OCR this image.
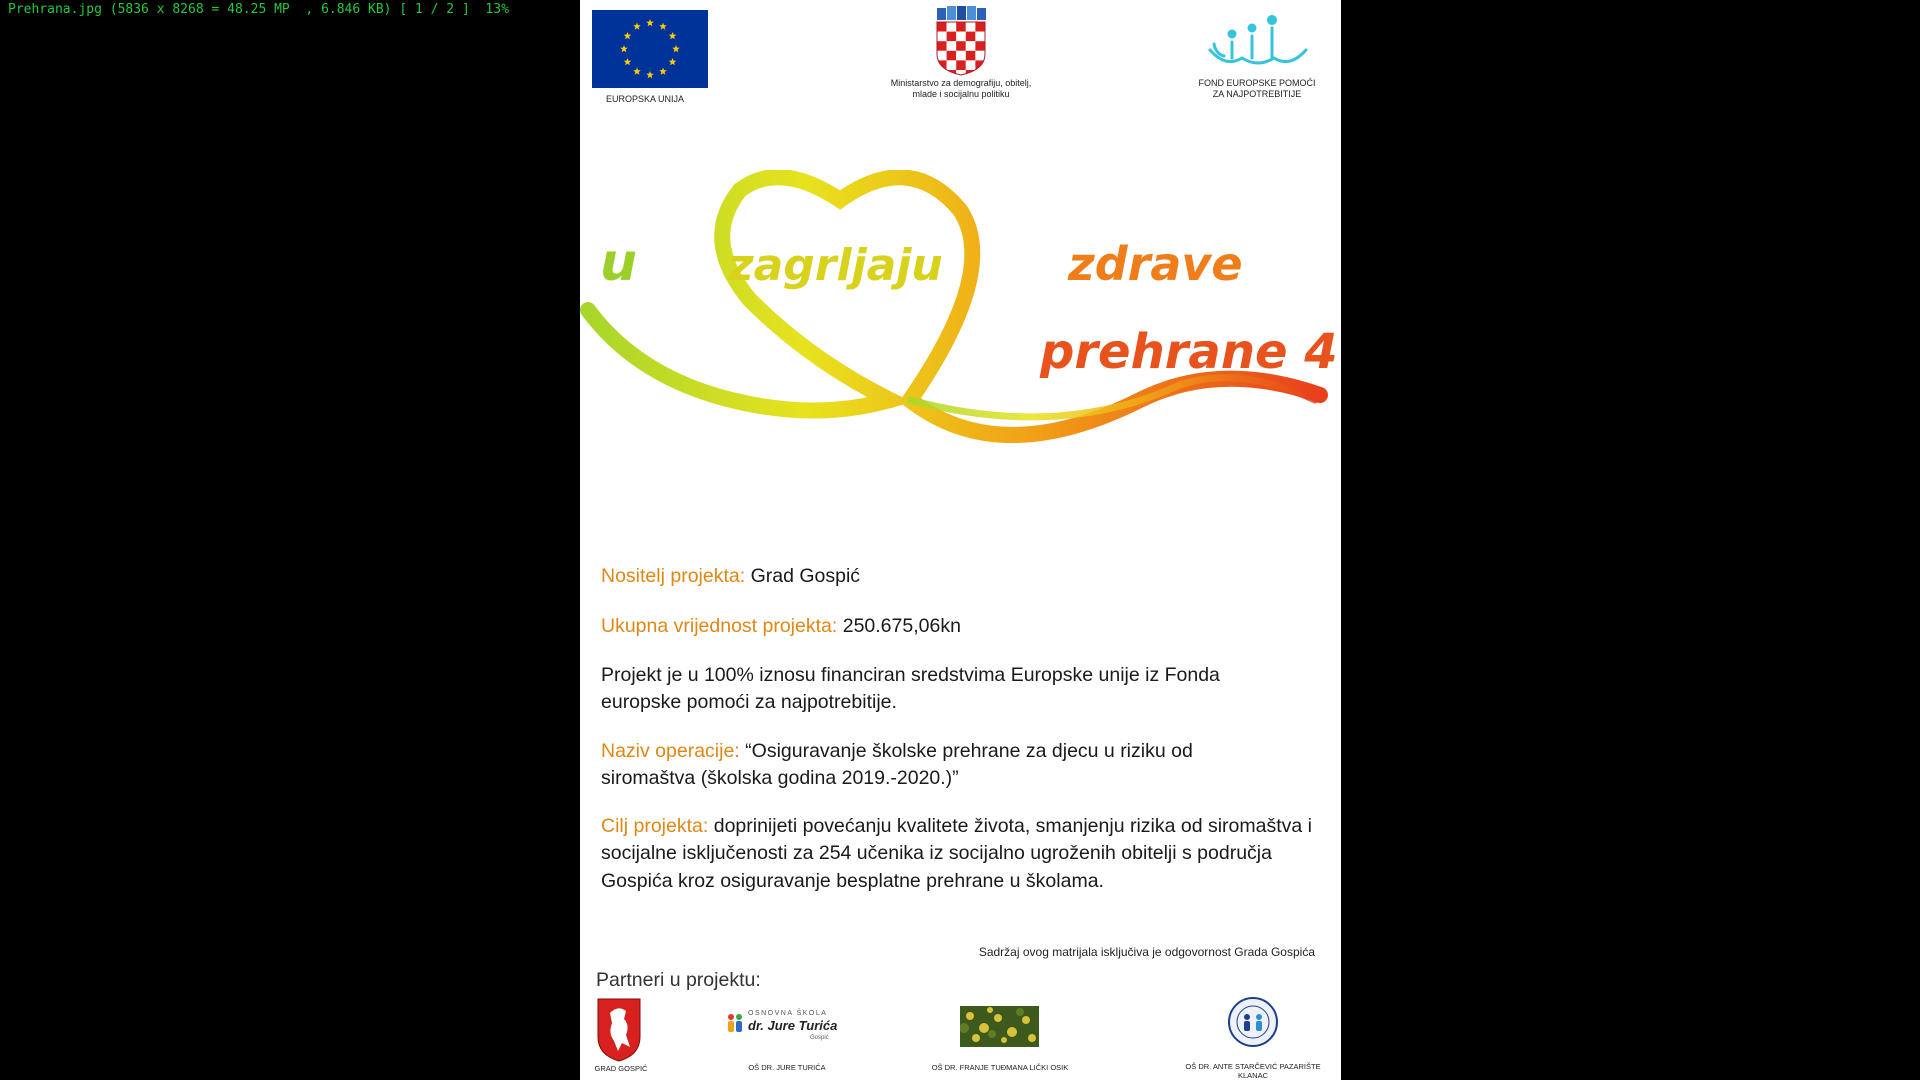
Prehrana.jpg (5836 x 8268 = 48.25 MP  , 6.846 KB) [ 1 / 2 ]  13%
EUROPSKA UNIJA
Ministarstvo za demografiju, obitelj,
mlade i socijalnu politiku
FOND EUROPSKE POMOĆI
ZA NAJPOTREBITIJE
u zagrljaju	zdrave
prehrane 4
Nositelj projekta: Grad Gospić
Ukupna vrijednost projekta: 250.675,06kn
Projekt je u 100% iznosu financiran sredstvima Europske unije iz Fonda europske pomoći za najpotrebitije.
Naziv operacije: “Osiguravanje školske prehrane za djecu u riziku od siromaštva (školska godina 2019.-2020.)”
Cilj projekta: doprinijeti povećanju kvalitete života, smanjenju rizika od siromaštva i socijalne isključenosti za 254 učenika iz socijalno ugroženih obitelji s područja Gospića kroz osiguravanje besplatne prehrane u školama.
Sadržaj ovog matrijala isključiva je odgovornost Grada Gospića
Partneri u projektu:
GRAD GOSPIĆ
OSNOVNA ŠKOLA
dr. Jure Turića
Gospić
OŠ DR. JURE TURIĆA	OŠ DR. FRANJE TUĐMANA LIČKI OSIK	OŠ DR. ANTE STARČEVIĆ PAZARIŠTE KLANAC
